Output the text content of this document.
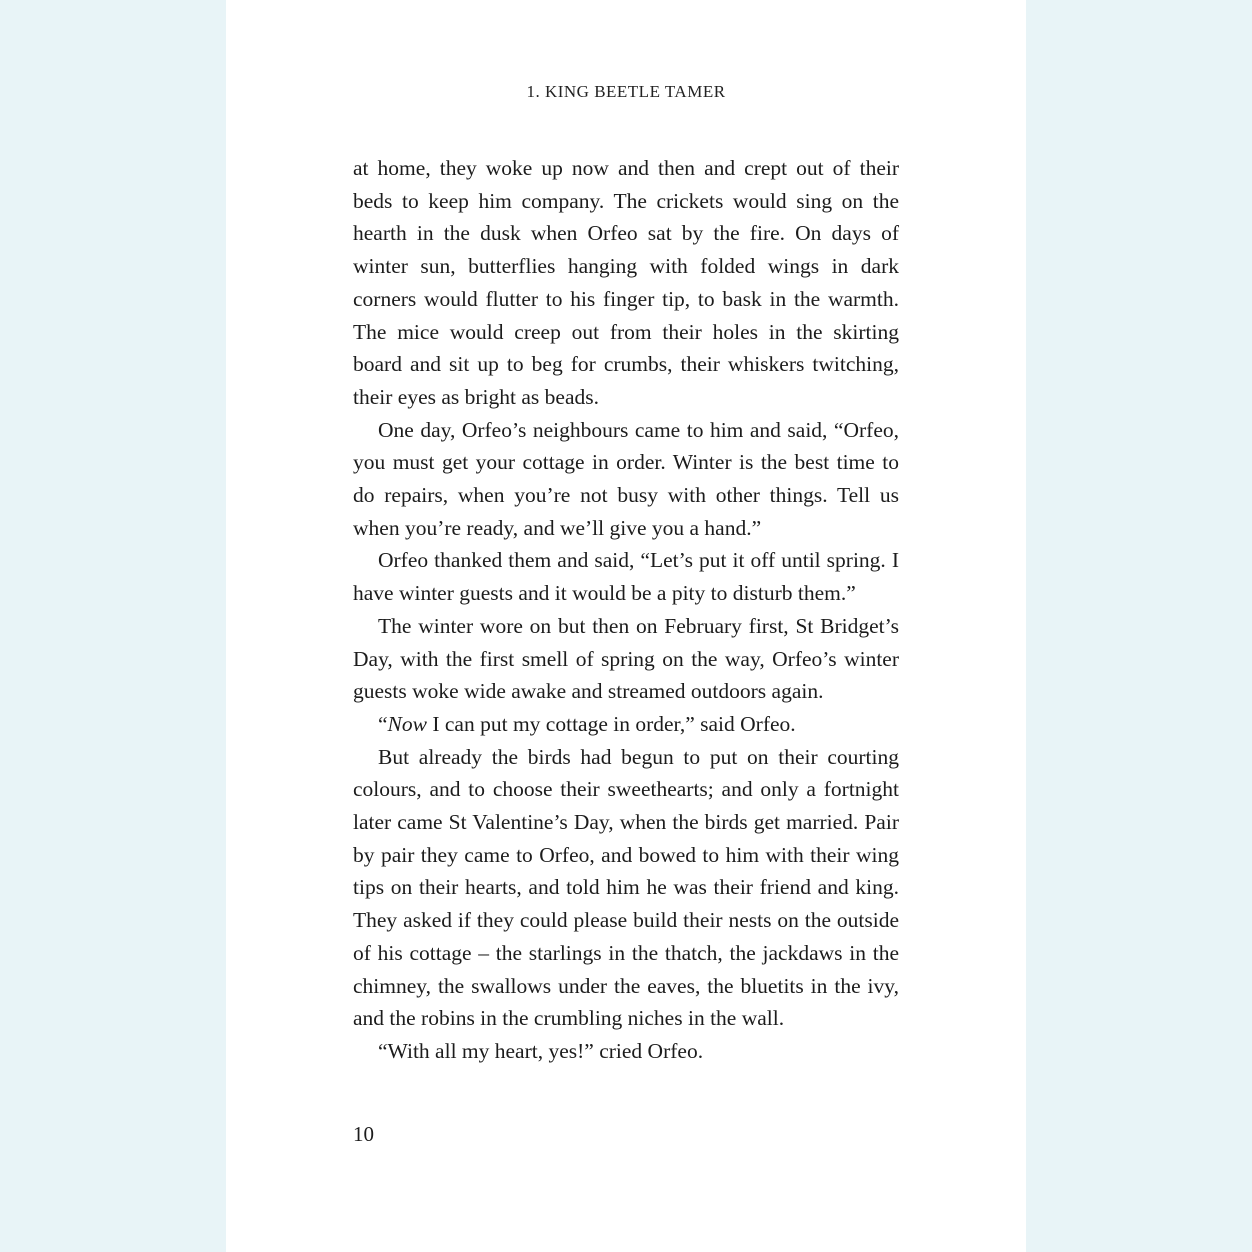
1. KING BEETLE TAMER

at home, they woke up now and then and crept out of their beds to keep him company. The crickets would sing on the hearth in the dusk when Orfeo sat by the fire. On days of winter sun, butterflies hanging with folded wings in dark corners would flutter to his finger tip, to bask in the warmth. The mice would creep out from their holes in the skirting board and sit up to beg for crumbs, their whiskers twitching, their eyes as bright as beads.

One day, Orfeo’s neighbours came to him and said, “Orfeo, you must get your cottage in order. Winter is the best time to do repairs, when you’re not busy with other things. Tell us when you’re ready, and we’ll give you a hand.”

Orfeo thanked them and said, “Let’s put it off until spring. I have winter guests and it would be a pity to disturb them.”

The winter wore on but then on February first, St Bridget’s Day, with the first smell of spring on the way, Orfeo’s winter guests woke wide awake and streamed outdoors again.

“Now I can put my cottage in order,” said Orfeo.

But already the birds had begun to put on their courting colours, and to choose their sweethearts; and only a fortnight later came St Valentine’s Day, when the birds get married. Pair by pair they came to Orfeo, and bowed to him with their wing tips on their hearts, and told him he was their friend and king. They asked if they could please build their nests on the outside of his cottage – the starlings in the thatch, the jackdaws in the chimney, the swallows under the eaves, the bluetits in the ivy, and the robins in the crumbling niches in the wall.

“With all my heart, yes!” cried Orfeo.

10
